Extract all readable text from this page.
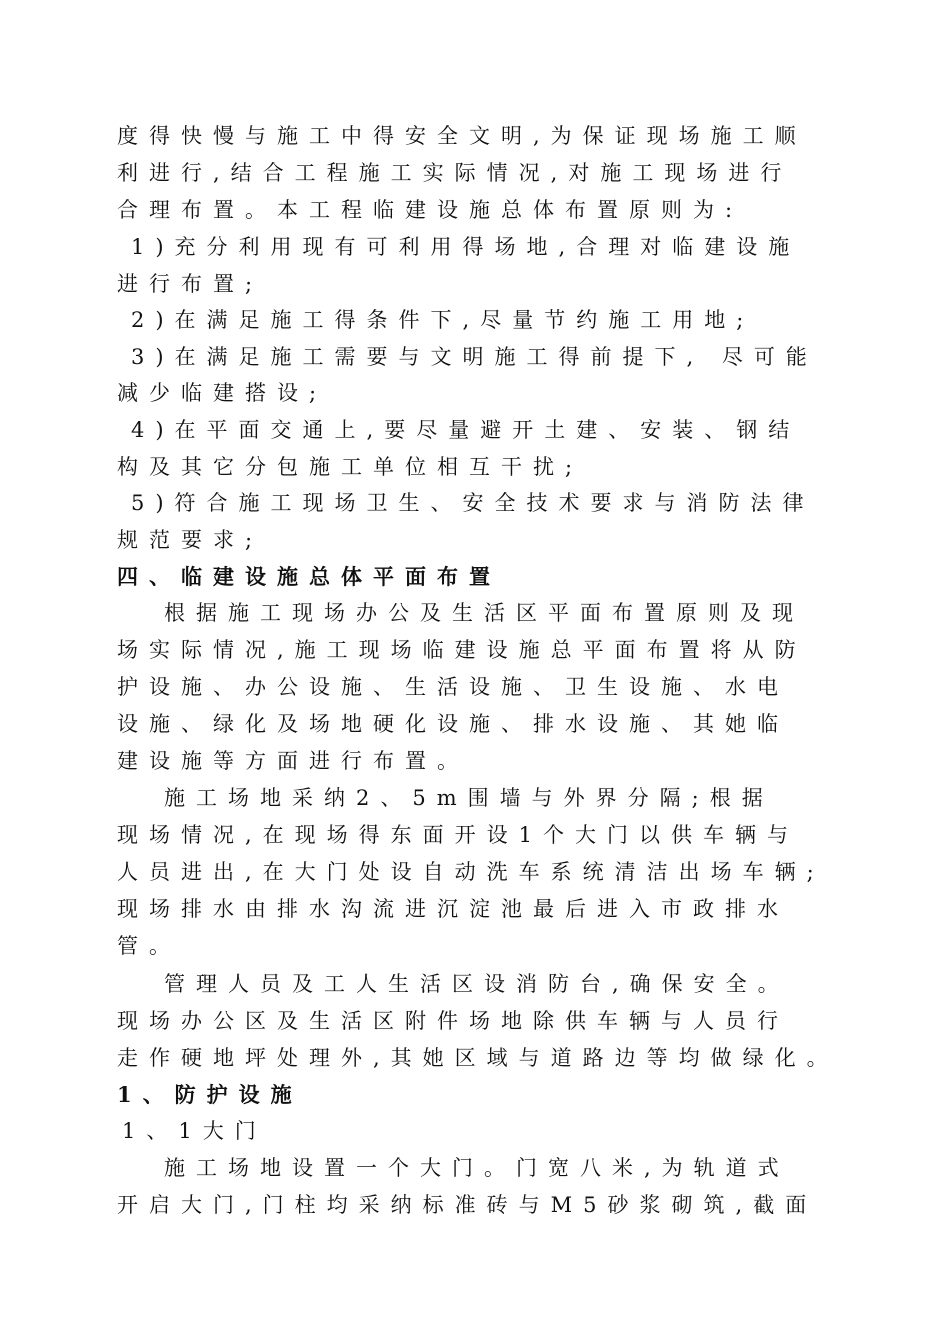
度得快慢与施工中得安全文明,为保证现场施工顺
利进行,结合工程施工实际情况,对施工现场进行
合理布置。本工程临建设施总体布置原则为:
1)充分利用现有可利用得场地,合理对临建设施
进行布置;
2)在满足施工得条件下,尽量节约施工用地;
3)在满足施工需要与文明施工得前提下, 尽可能
减少临建搭设;
4)在平面交通上,要尽量避开土建、安装、钢结
构及其它分包施工单位相互干扰;
5)符合施工现场卫生、安全技术要求与消防法律
规范要求;
四、临建设施总体平面布置
根据施工现场办公及生活区平面布置原则及现
场实际情况,施工现场临建设施总平面布置将从防
护设施、办公设施、生活设施、卫生设施、水电
设施、绿化及场地硬化设施、排水设施、其她临
建设施等方面进行布置。
施工场地采纳2、5m围墙与外界分隔;根据
现场情况,在现场得东面开设1个大门以供车辆与
人员进出,在大门处设自动洗车系统清洁出场车辆;
现场排水由排水沟流进沉淀池最后进入市政排水
管。
管理人员及工人生活区设消防台,确保安全。
现场办公区及生活区附件场地除供车辆与人员行
走作硬地坪处理外,其她区域与道路边等均做绿化。
1、防护设施
1、1大门
施工场地设置一个大门。门宽八米,为轨道式
开启大门,门柱均采纳标准砖与M5砂浆砌筑,截面
